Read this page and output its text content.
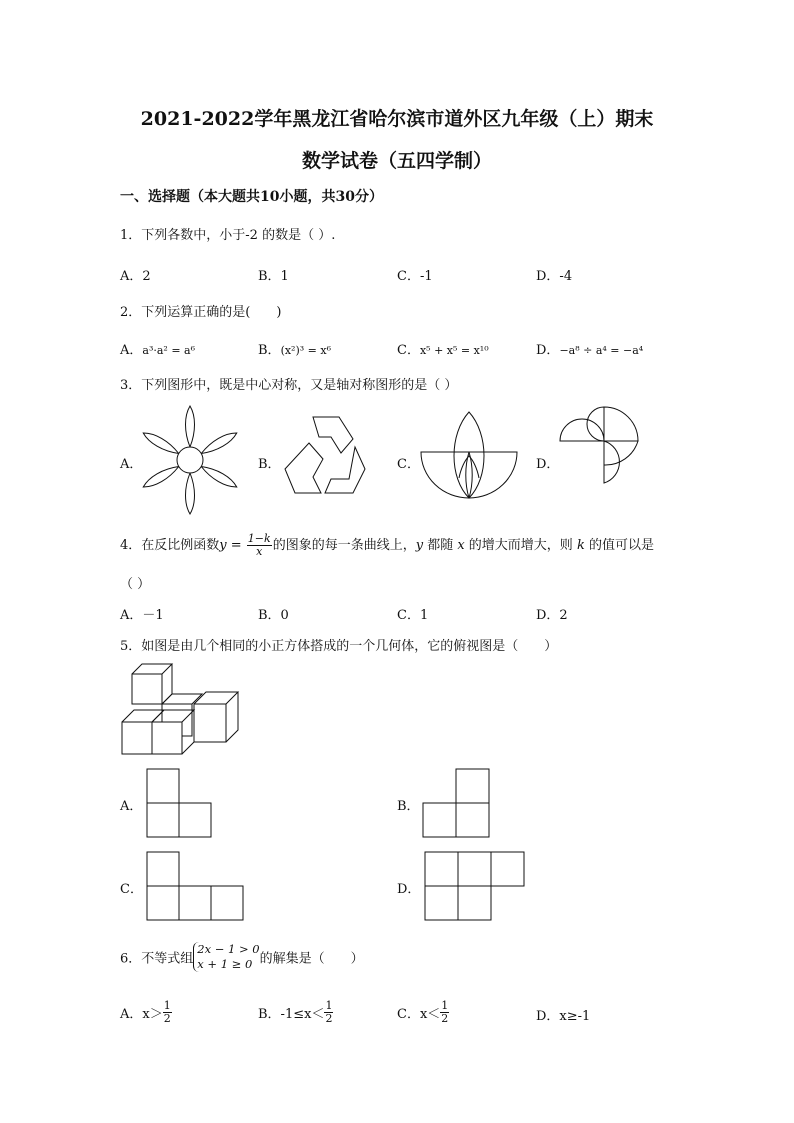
2021-2022学年黑龙江省哈尔滨市道外区九年级（上）期末
数学试卷（五四学制）
一、选择题（本大题共10小题，共30分）
1．下列各数中，小于-2 的数是（ ）.
A．2	B．1	C．-1	D．-4
2．下列运算正确的是(　　)
A．a³·a² = a⁶	B．(x²)³ = x⁶	C．x⁵ + x⁵ = x¹⁰	D．−a⁸ ÷ a⁴ = −a⁴
3．下列图形中，既是中心对称，又是轴对称图形的是（ ）
A．	B．	C．	D．
4．在反比例函数$y = \frac{1-k}{x}$ 的图象的每一条曲线上，y 都随 x 的增大而增大，则 k 的值可以是
（ ）
A．－1	B．0	C．1	D．2
5．如图是由几个相同的小正方体搭成的一个几何体，它的俯视图是（　　）
A．	B．
C．	D．
6．不等式组
2x − 1 > 0
x + 1 ≥ 0 的解集是（　　）
A．$x> \frac{1}{2}$	B．$-1\le x< \frac{1}{2}$	C．$x< \frac{1}{2}$	D．x≥-1
